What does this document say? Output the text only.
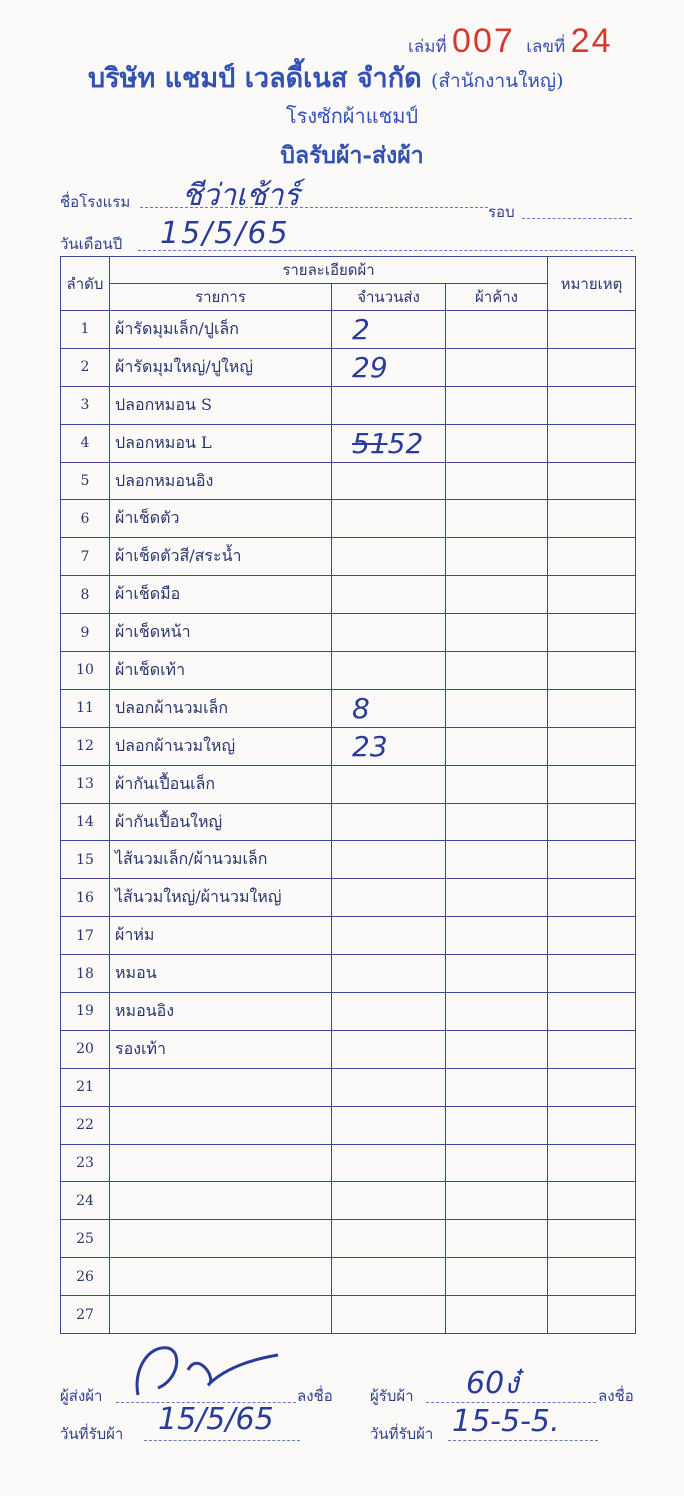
เล่มที่ 007 เลขที่ 24
บริษัท แชมป์ เวลดี้เนส จำกัด (สำนักงานใหญ่)
โรงซักผ้าแชมป์
บิลรับผ้า-ส่งผ้า
ชื่อโรงแรม ชีว่าเช้าร์	รอบ
วันเดือนปี 15/5/65
ลำดับ	รายละเอียดผ้า			หมายเหตุ
	รายการ	จำนวนส่ง	ผ้าค้าง	
1	ผ้ารัดมุมเล็ก/ปูเล็ก	2		
2	ผ้ารัดมุมใหญ่/ปูใหญ่	29		
3	ปลอกหมอน S			
4	ปลอกหมอน L	5152		
5	ปลอกหมอนอิง			
6	ผ้าเช็ดตัว			
7	ผ้าเช็ดตัวสี/สระน้ำ			
8	ผ้าเช็ดมือ			
9	ผ้าเช็ดหน้า			
10	ผ้าเช็ดเท้า			
11	ปลอกผ้านวมเล็ก	8		
12	ปลอกผ้านวมใหญ่	23		
13	ผ้ากันเปื้อนเล็ก			
14	ผ้ากันเปื้อนใหญ่			
15	ไส้นวมเล็ก/ผ้านวมเล็ก			
16	ไส้นวมใหญ่/ผ้านวมใหญ่			
17	ผ้าห่ม			
18	หมอน			
19	หมอนอิง			
20	รองเท้า			
21				
22				
23				
24				
25				
26				
27				
ผู้ส่งผ้า	ลงชื่อ ผู้รับผ้า 60ง๋	ลงชื่อ
วันที่รับผ้า 15/5/65	วันที่รับผ้า 15-5-5.
